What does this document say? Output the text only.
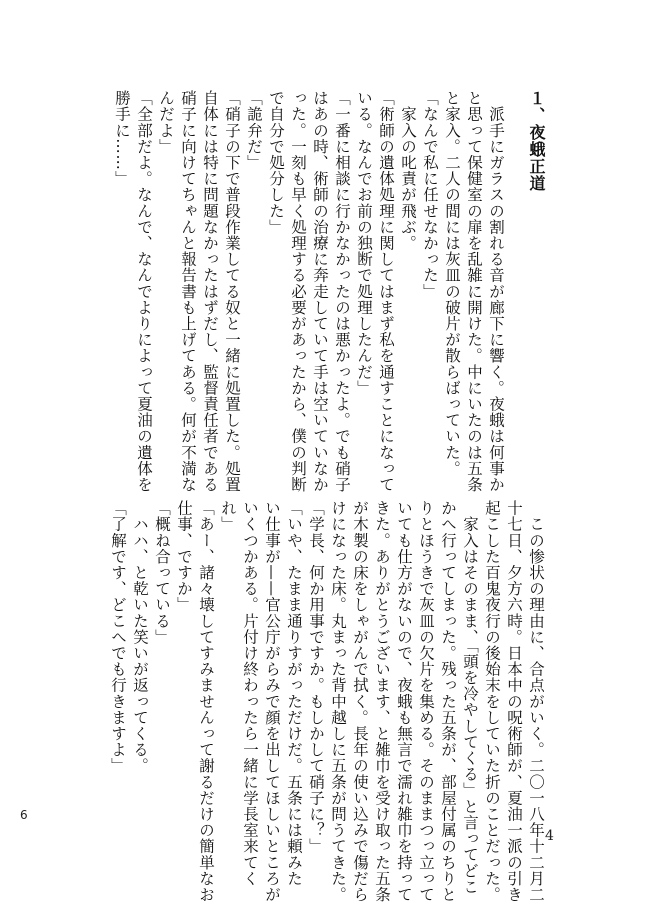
１、夜蛾正道
　派手にガラスの割れる音が廊下に響く。夜蛾は何事か
と思って保健室の扉を乱雑に開けた。中にいたのは五条
と家入。二人の間には灰皿の破片が散らばっていた。
「なんで私に任せなかった」
　家入の叱責が飛ぶ。
「術師の遺体処理に関してはまず私を通すことになって
いる。なんでお前の独断で処理したんだ」
「一番に相談に行かなかったのは悪かったよ。でも硝子
はあの時、術師の治療に奔走していて手は空いていなか
った。一刻も早く処理する必要があったから、僕の判断
で自分で処分した」
「詭弁だ」
「硝子の下で普段作業してる奴と一緒に処置した。処置
自体には特に問題なかったはずだし、監督責任者である
硝子に向けてちゃんと報告書も上げてある。何が不満な
んだよ」
「全部だよ。なんで、なんでよりによって夏油の遺体を
勝手に……」
　この惨状の理由に、合点がいく。二〇一八年十二月二
十七日、夕方六時。日本中の呪術師が、夏油一派の引き
起こした百鬼夜行の後始末をしていた折のことだった。
　家入はそのまま、「頭を冷やしてくる」と言ってどこ
かへ行ってしまった。残った五条が、部屋付属のちりと
りとほうきで灰皿の欠片を集める。そのままつっ立って
いても仕方がないので、夜蛾も無言で濡れ雑巾を持って
きた。ありがとうございます、と雑巾を受け取った五条
が木製の床をしゃがんで拭く。長年の使い込みで傷だら
けになった床。丸まった背中越しに五条が問うてきた。
「学長、何か用事ですか。もしかして硝子に？」
「いや、たまま通りすがっただけだ。五条には頼みた
い仕事が——官公庁がらみで顔を出してほしいところが
いくつかある。片付け終わったら一緒に学長室来てく
れ」
「あー、諸々壊してすみませんって謝るだけの簡単なお
仕事、ですか」
「概ね合っている」
　ハハ、と乾いた笑いが返ってくる。
「了解です、どこへでも行きますよ」
6
4
